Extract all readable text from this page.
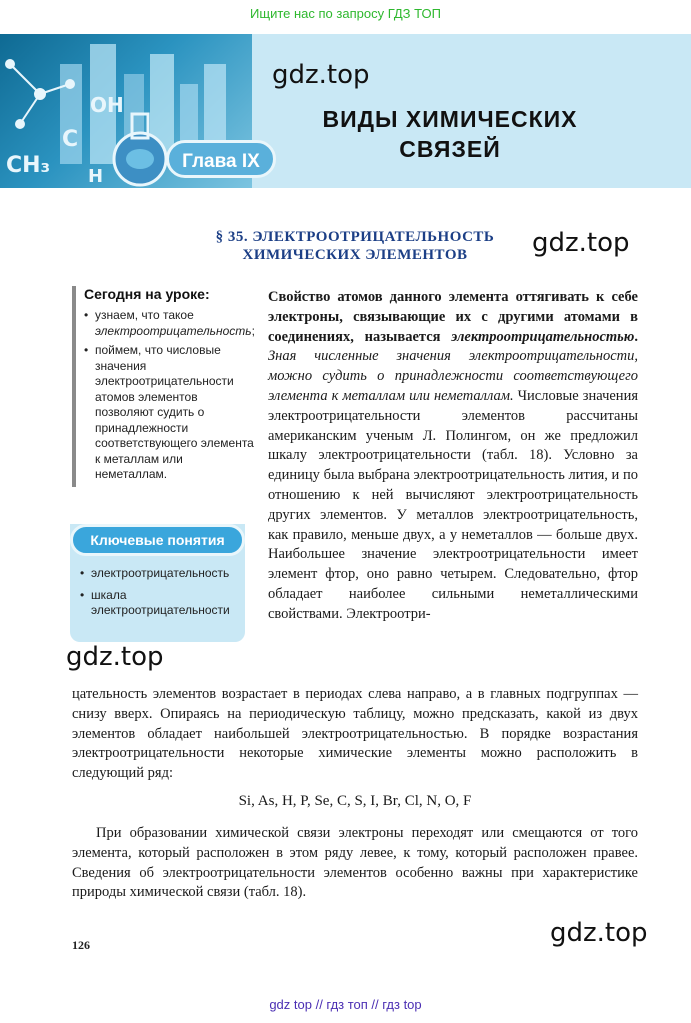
Ищите нас по запросу ГДЗ ТОП
CH₃
C
OH
H
Глава IX
gdz.top
ВИДЫ ХИМИЧЕСКИХ
СВЯЗЕЙ
§ 35. ЭЛЕКТРООТРИЦАТЕЛЬНОСТЬ
ХИМИЧЕСКИХ ЭЛЕМЕНТОВ	gdz.top
Сегодня на уроке:
• узнаем, что такое электроотрицательность;
• поймем, что числовые значения электроотрицательности атомов элементов позволяют судить о принадлежности соответствующего элемента к металлам или неметаллам.
• электроотрицательность
• шкала электроотрицательности
Ключевые понятия
gdz.top
Свойство атомов данного элемента оттягивать к себе электроны, связывающие их с другими атомами в соединениях, называется электроотрицательностью. Зная численные значения электроотрицательности, можно судить о принадлежности соответствующего элемента к металлам или неметаллам. Числовые значения электроотрицательности элементов рассчитаны американским ученым Л. Полингом, он же предложил шкалу электроотрицательности (табл. 18). Условно за единицу была выбрана электроотрицательность лития, и по отношению к ней вычисляют электроотрицательность других элементов. У металлов электроотрицательность, как правило, меньше двух, а у неметаллов — больше двух. Наибольшее значение электроотрицательности имеет элемент фтор, оно равно четырем. Следовательно, фтор обладает наиболее сильными неметаллическими свойствами. Электроотри-
цательность элементов возрастает в периодах слева направо, а в главных подгруппах — снизу вверх. Опираясь на периодическую таблицу, можно предсказать, какой из двух элементов обладает наибольшей электроотрицательностью. В порядке возрастания электроотрицательности некоторые химические элементы можно расположить в следующий ряд:
Si, As, H, P, Se, C, S, I, Br, Cl, N, O, F
При образовании химической связи электроны переходят или смещаются от того элемента, который расположен в этом ряду левее, к тому, который расположен правее. Сведения об электроотрицательности элементов особенно важны при характеристике природы химической связи (табл. 18).
gdz.top
126
gdz top // гдз топ // гдз top
